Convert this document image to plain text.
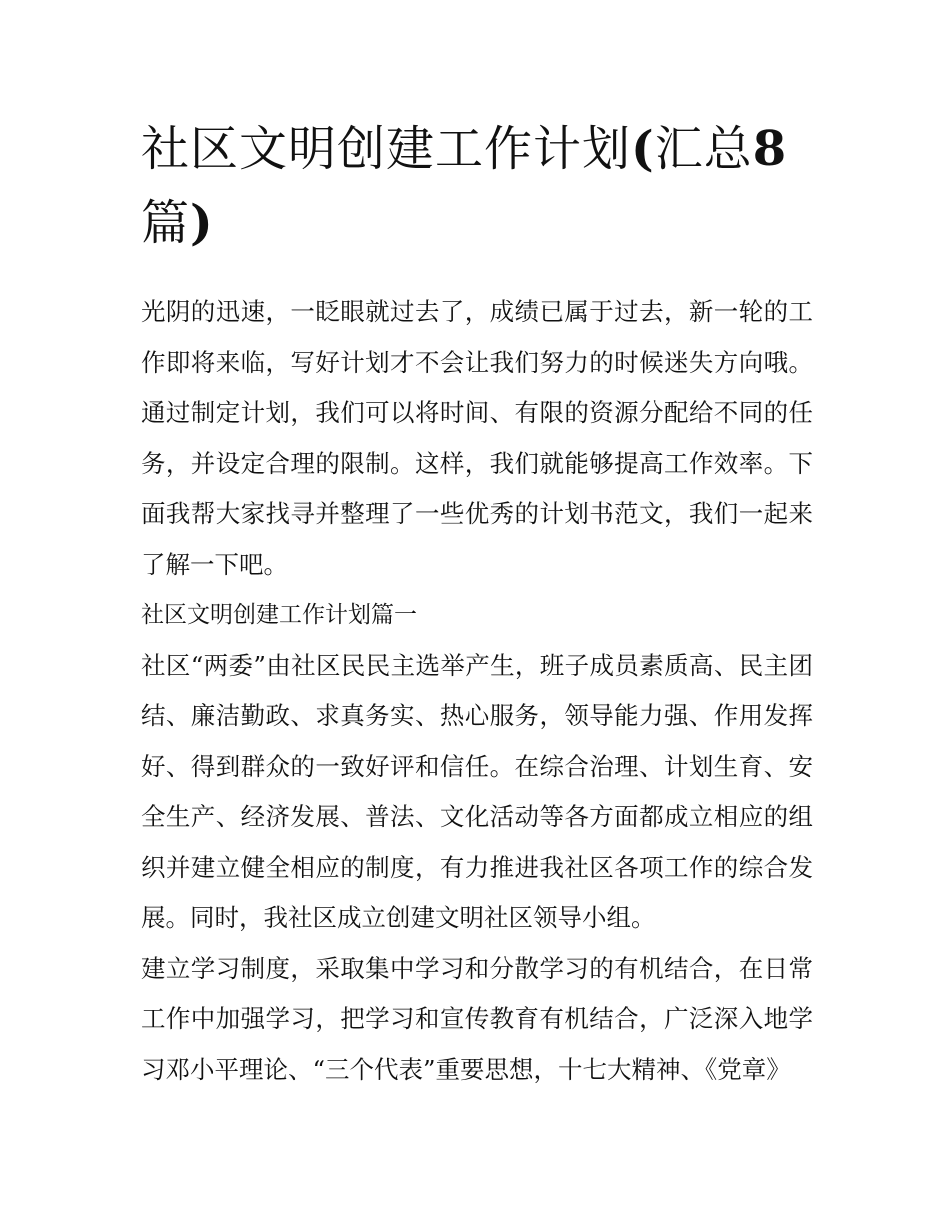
社区文明创建工作计划(汇总8篇)

光阴的迅速，一眨眼就过去了，成绩已属于过去，新一轮的工作即将来临，写好计划才不会让我们努力的时候迷失方向哦。通过制定计划，我们可以将时间、有限的资源分配给不同的任务，并设定合理的限制。这样，我们就能够提高工作效率。下面我帮大家找寻并整理了一些优秀的计划书范文，我们一起来了解一下吧。

社区文明创建工作计划篇一

社区“两委”由社区民民主选举产生，班子成员素质高、民主团结、廉洁勤政、求真务实、热心服务，领导能力强、作用发挥好、得到群众的一致好评和信任。在综合治理、计划生育、安全生产、经济发展、普法、文化活动等各方面都成立相应的组织并建立健全相应的制度，有力推进我社区各项工作的综合发展。同时，我社区成立创建文明社区领导小组。

建立学习制度，采取集中学习和分散学习的有机结合，在日常工作中加强学习，把学习和宣传教育有机结合，广泛深入地学习邓小平理论、“三个代表”重要思想，十七大精神、《党章》
